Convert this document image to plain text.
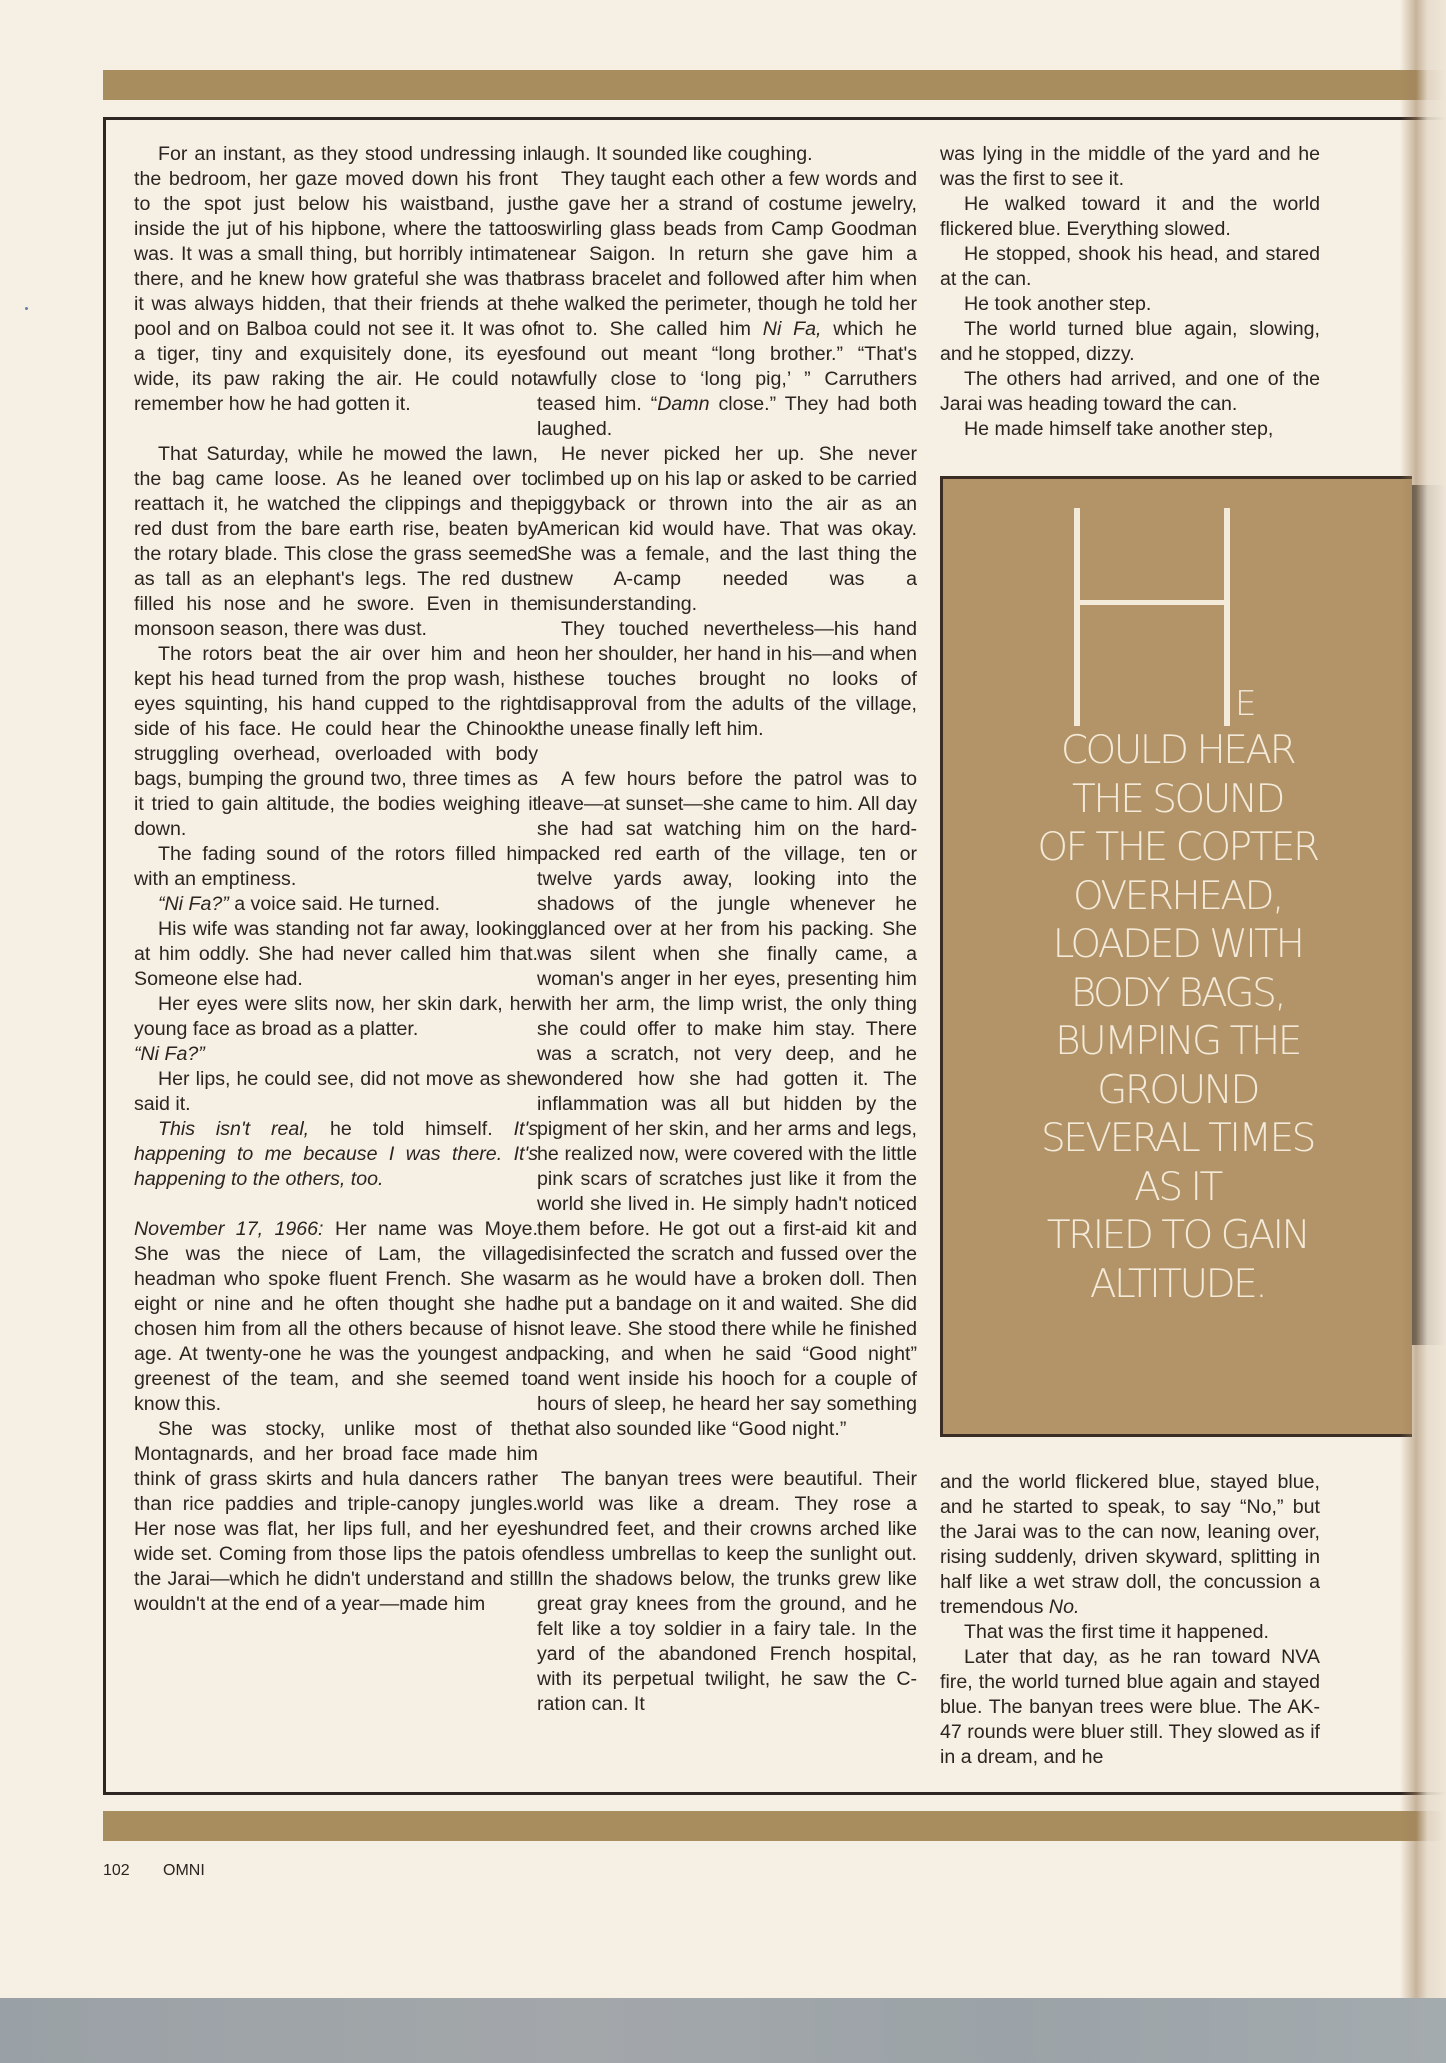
For an instant, as they stood undressing in the bedroom, her gaze moved down his front to the spot just below his waistband, just inside the jut of his hipbone, where the tattoo was. It was a small thing, but horribly intimate there, and he knew how grateful she was that it was always hidden, that their friends at the pool and on Balboa could not see it. It was of a tiger, tiny and exquisitely done, its eyes wide, its paw raking the air. He could not remember how he had gotten it.

That Saturday, while he mowed the lawn, the bag came loose. As he leaned over to reattach it, he watched the clippings and the red dust from the bare earth rise, beaten by the rotary blade. This close the grass seemed as tall as an elephant's legs. The red dust filled his nose and he swore. Even in the monsoon season, there was dust.

The rotors beat the air over him and he kept his head turned from the prop wash, his eyes squinting, his hand cupped to the right side of his face. He could hear the Chinook struggling overhead, overloaded with body bags, bumping the ground two, three times as it tried to gain altitude, the bodies weighing it down.

The fading sound of the rotors filled him with an emptiness.

“Ni Fa?” a voice said. He turned.

His wife was standing not far away, looking at him oddly. She had never called him that. Someone else had.

Her eyes were slits now, her skin dark, her young face as broad as a platter.

“Ni Fa?”

Her lips, he could see, did not move as she said it.

This isn't real, he told himself. It's happening to me because I was there. It's happening to the others, too.

November 17, 1966: Her name was Moye. She was the niece of Lam, the village headman who spoke fluent French. She was eight or nine and he often thought she had chosen him from all the others because of his age. At twenty-one he was the youngest and greenest of the team, and she seemed to know this.

She was stocky, unlike most of the Montagnards, and her broad face made him think of grass skirts and hula dancers rather than rice paddies and triple-canopy jungles. Her nose was flat, her lips full, and her eyes wide set. Coming from those lips the patois of the Jarai—which he didn't understand and still wouldn't at the end of a year—made him

laugh. It sounded like coughing.

They taught each other a few words and he gave her a strand of costume jewelry, swirling glass beads from Camp Goodman near Saigon. In return she gave him a brass bracelet and followed after him when he walked the perimeter, though he told her not to. She called him Ni Fa, which he found out meant “long brother.” “That's awfully close to ‘long pig,’ ” Carruthers teased him. “Damn close.” They had both laughed.

He never picked her up. She never climbed up on his lap or asked to be carried piggyback or thrown into the air as an American kid would have. That was okay. She was a female, and the last thing the new A-camp needed was a misunderstanding.

They touched nevertheless—his hand on her shoulder, her hand in his—and when these touches brought no looks of disapproval from the adults of the village, the unease finally left him.

A few hours before the patrol was to leave—at sunset—she came to him. All day she had sat watching him on the hard-packed red earth of the village, ten or twelve yards away, looking into the shadows of the jungle whenever he glanced over at her from his packing. She was silent when she finally came, a woman's anger in her eyes, presenting him with her arm, the limp wrist, the only thing she could offer to make him stay. There was a scratch, not very deep, and he wondered how she had gotten it. The inflammation was all but hidden by the pigment of her skin, and her arms and legs, he realized now, were covered with the little pink scars of scratches just like it from the world she lived in. He simply hadn't noticed them before. He got out a first-aid kit and disinfected the scratch and fussed over the arm as he would have a broken doll. Then he put a bandage on it and waited. She did not leave. She stood there while he finished packing, and when he said “Good night” and went inside his hooch for a couple of hours of sleep, he heard her say something that also sounded like “Good night.”

The banyan trees were beautiful. Their world was like a dream. They rose a hundred feet, and their crowns arched like endless umbrellas to keep the sunlight out. In the shadows below, the trunks grew like great gray knees from the ground, and he felt like a toy soldier in a fairy tale. In the yard of the abandoned French hospital, with its perpetual twilight, he saw the C-ration can. It

was lying in the middle of the yard and he was the first to see it.

He walked toward it and the world flickered blue. Everything slowed.

He stopped, shook his head, and stared at the can.

He took another step.

The world turned blue again, slowing, and he stopped, dizzy.

The others had arrived, and one of the Jarai was heading toward the can.

He made himself take another step,

E
COULD HEAR
THE SOUND
OF THE COPTER
OVERHEAD,
LOADED WITH
BODY BAGS,
BUMPING THE
GROUND
SEVERAL TIMES
AS IT
TRIED TO GAIN
ALTITUDE.

and the world flickered blue, stayed blue, and he started to speak, to say “No,” but the Jarai was to the can now, leaning over, rising suddenly, driven skyward, splitting in half like a wet straw doll, the concussion a tremendous No.

That was the first time it happened.

Later that day, as he ran toward NVA fire, the world turned blue again and stayed blue. The banyan trees were blue. The AK-47 rounds were bluer still. They slowed as if in a dream, and he

102 OMNI
